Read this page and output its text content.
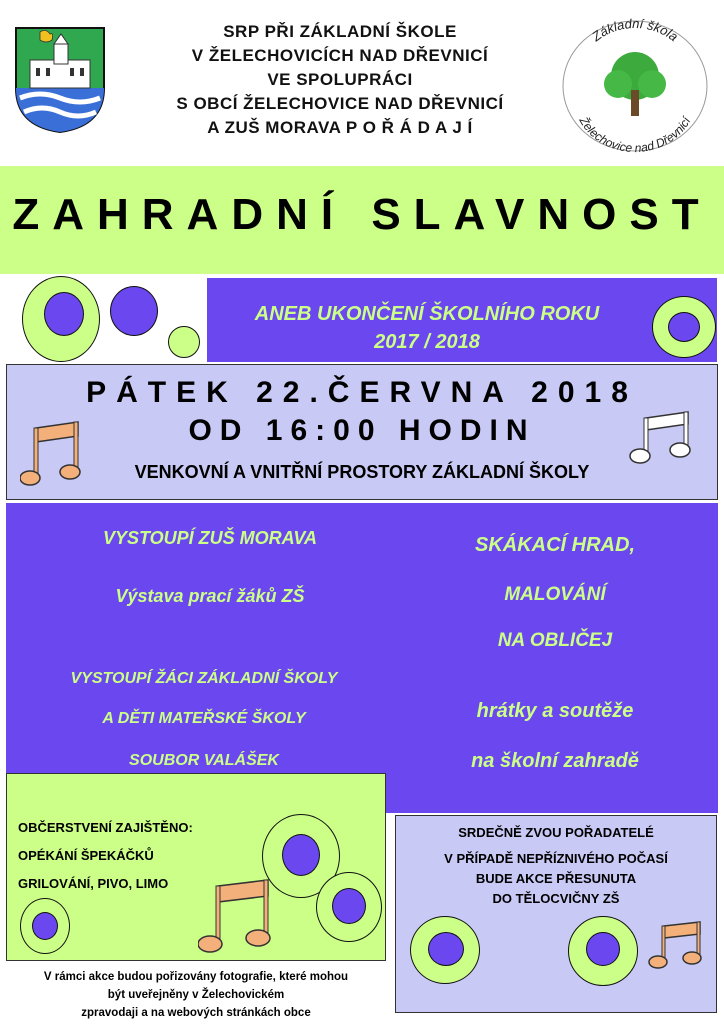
SRP PŘI ZÁKLADNÍ ŠKOLE
V ŽELECHOVICÍCH NAD DŘEVNICÍ
VE SPOLUPRÁCI
S OBCÍ ŽELECHOVICE NAD DŘEVNICÍ
A ZUŠ MORAVA P O Ř Á D A J Í
Základní škola
Želechovice nad Dřevnicí
ZAHRADNÍ SLAVNOST
ANEB UKONČENÍ ŠKOLNÍHO ROKU
2017 / 2018
PÁTEK 22.ČERVNA 2018
OD 16:00 HODIN
VENKOVNÍ A VNITŘNÍ PROSTORY ZÁKLADNÍ ŠKOLY
VYSTOUPÍ ZUŠ MORAVA
Výstava prací žáků ZŠ
VYSTOUPÍ ŽÁCI ZÁKLADNÍ ŠKOLY
A DĚTI MATEŘSKÉ ŠKOLY
SOUBOR VALÁŠEK
SKÁKACÍ HRAD,
MALOVÁNÍ
NA OBLIČEJ
hrátky a soutěže
na školní zahradě
OBČERSTVENÍ ZAJIŠTĚNO:
OPÉKÁNÍ ŠPEKÁČKŮ
GRILOVÁNÍ, PIVO, LIMO
SRDEČNĚ ZVOU POŘADATELÉ
V PŘÍPADĚ NEPŘÍZNIVÉHO POČASÍ
BUDE AKCE PŘESUNUTA
DO TĚLOCVIČNY ZŠ
V rámci akce budou pořizovány fotografie, které mohou
být uveřejněny v Želechovickém
zpravodaji a na webových stránkách obce
